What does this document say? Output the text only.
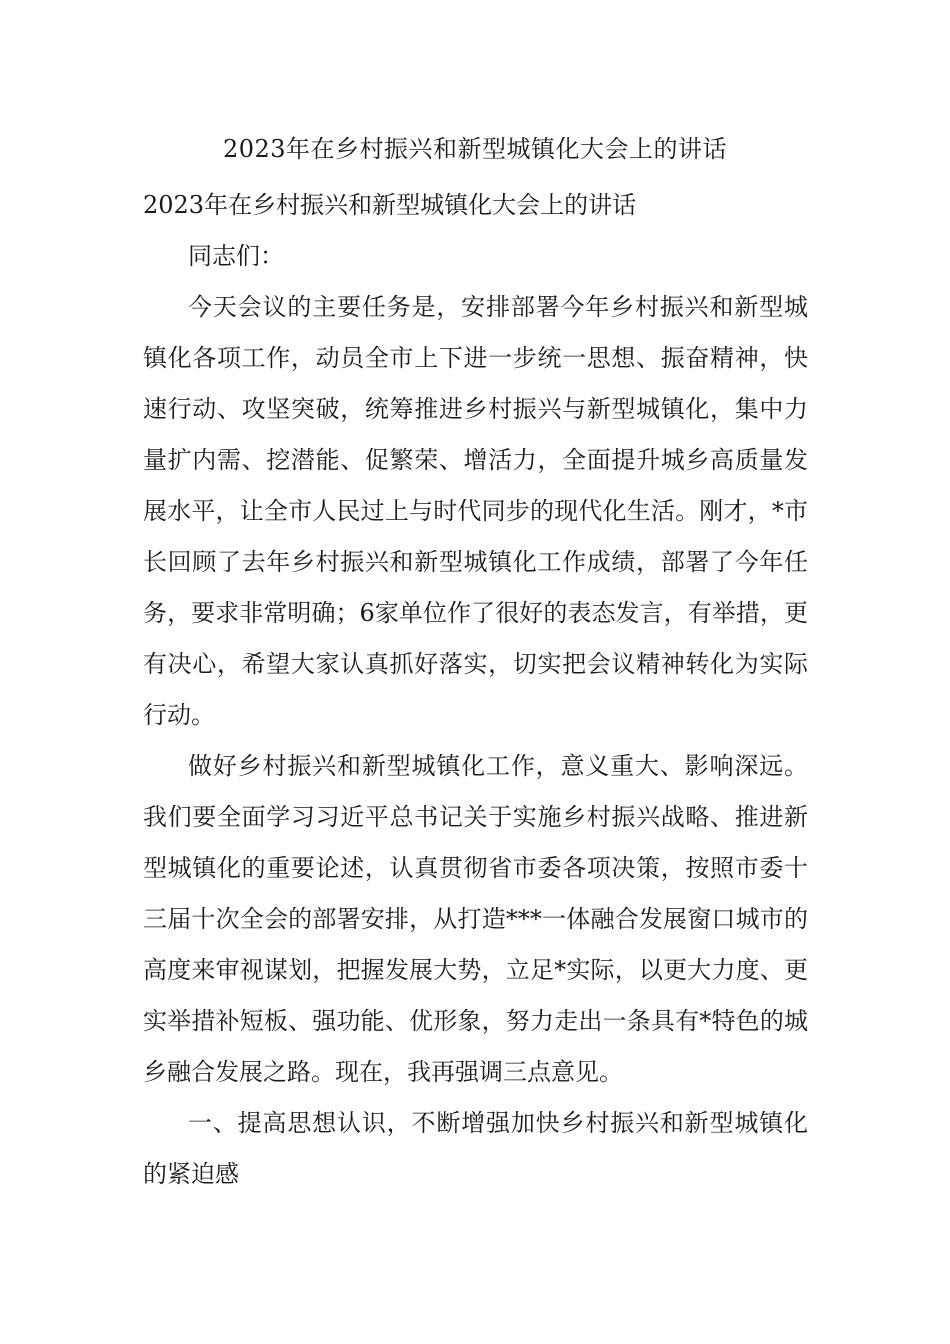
2023年在乡村振兴和新型城镇化大会上的讲话

2023年在乡村振兴和新型城镇化大会上的讲话

同志们：

今天会议的主要任务是，安排部署今年乡村振兴和新型城镇化各项工作，动员全市上下进一步统一思想、振奋精神，快速行动、攻坚突破，统筹推进乡村振兴与新型城镇化，集中力量扩内需、挖潜能、促繁荣、增活力，全面提升城乡高质量发展水平，让全市人民过上与时代同步的现代化生活。刚才，*市长回顾了去年乡村振兴和新型城镇化工作成绩，部署了今年任务，要求非常明确；6家单位作了很好的表态发言，有举措，更有决心，希望大家认真抓好落实，切实把会议精神转化为实际行动。

做好乡村振兴和新型城镇化工作，意义重大、影响深远。我们要全面学习习近平总书记关于实施乡村振兴战略、推进新型城镇化的重要论述，认真贯彻省市委各项决策，按照市委十三届十次全会的部署安排，从打造***一体融合发展窗口城市的高度来审视谋划，把握发展大势，立足*实际，以更大力度、更实举措补短板、强功能、优形象，努力走出一条具有*特色的城乡融合发展之路。现在，我再强调三点意见。

一、提高思想认识，不断增强加快乡村振兴和新型城镇化的紧迫感
